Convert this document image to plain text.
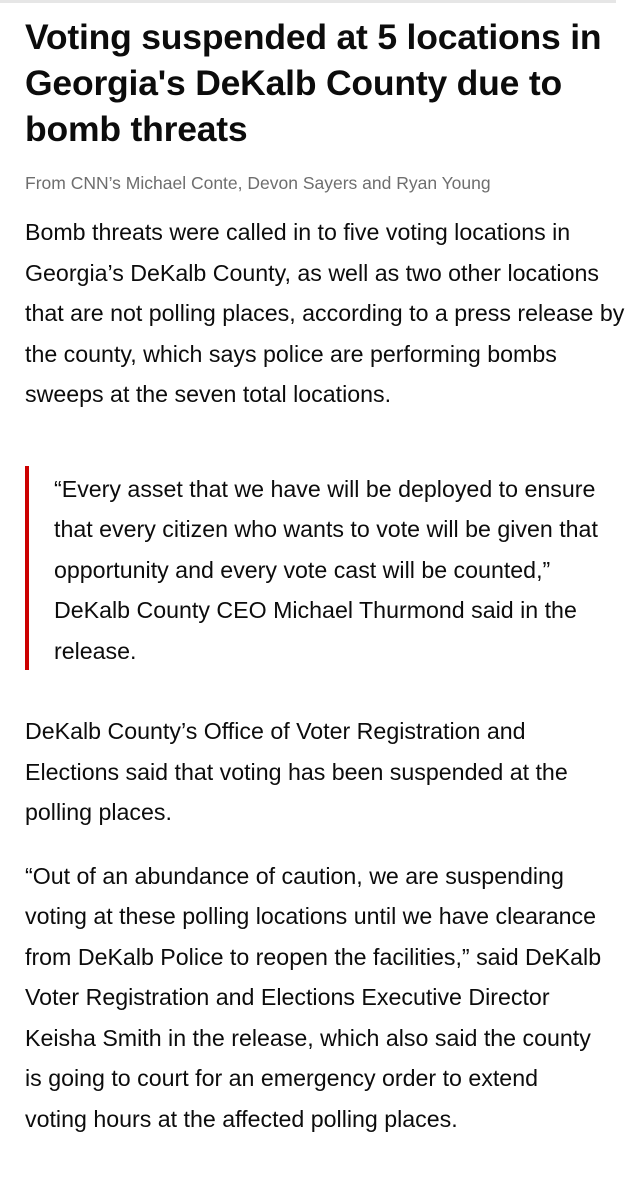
Voting suspended at 5 locations in Georgia's DeKalb County due to bomb threats
From CNN’s Michael Conte, Devon Sayers and Ryan Young

Bomb threats were called in to five voting locations in Georgia’s DeKalb County, as well as two other locations that are not polling places, according to a press release by the county, which says police are performing bombs sweeps at the seven total locations.

“Every asset that we have will be deployed to ensure that every citizen who wants to vote will be given that opportunity and every vote cast will be counted,” DeKalb County CEO Michael Thurmond said in the release.

DeKalb County’s Office of Voter Registration and Elections said that voting has been suspended at the polling places.

“Out of an abundance of caution, we are suspending voting at these polling locations until we have clearance from DeKalb Police to reopen the facilities,” said DeKalb Voter Registration and Elections Executive Director Keisha Smith in the release, which also said the county is going to court for an emergency order to extend voting hours at the affected polling places.
